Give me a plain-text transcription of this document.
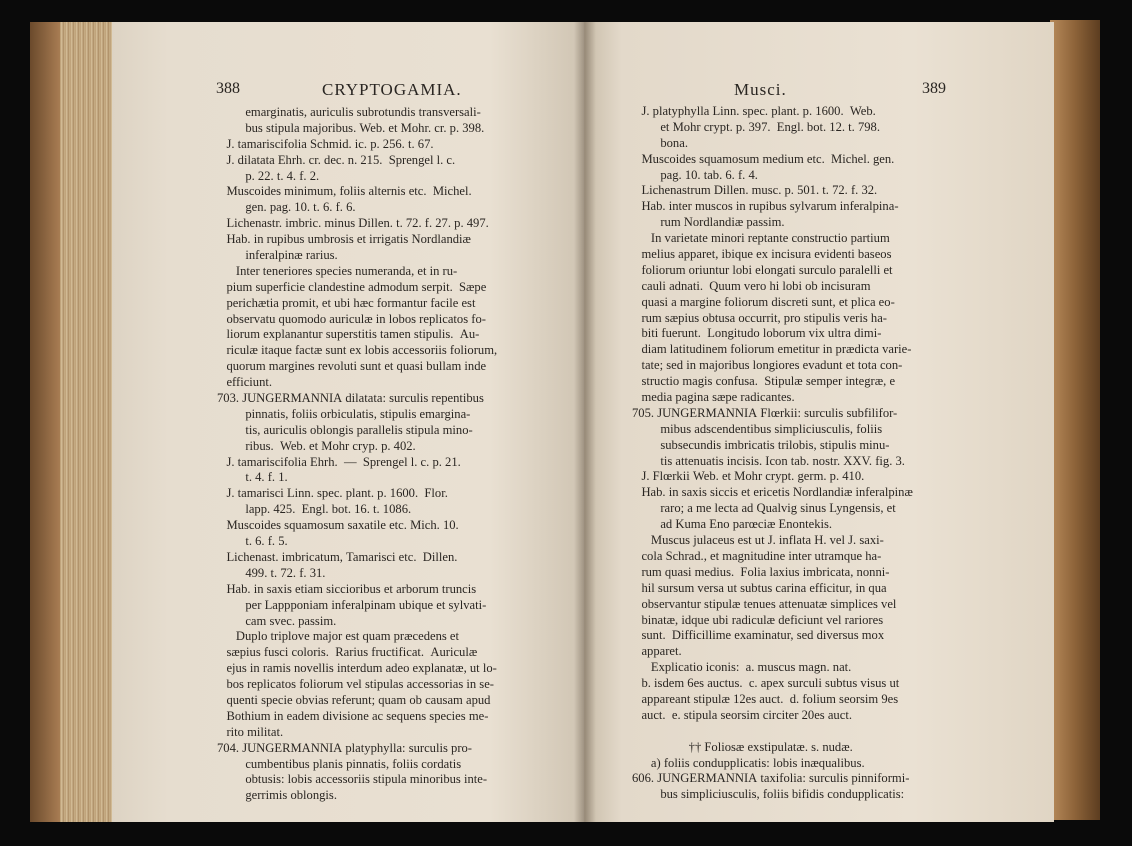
388	CRYPTOGAMIA.
emarginatis, auriculis subrotundis transversali-
bus stipula majoribus. Web. et Mohr. cr. p. 398.
J. tamariscifolia Schmid. ic. p. 256. t. 67.
J. dilatata Ehrh. cr. dec. n. 215.  Sprengel l. c.
p. 22. t. 4. f. 2.
Muscoides minimum, foliis alternis etc.  Michel.
gen. pag. 10. t. 6. f. 6.
Lichenastr. imbric. minus Dillen. t. 72. f. 27. p. 497.
Hab. in rupibus umbrosis et irrigatis Nordlandiæ
inferalpinæ rarius.
Inter teneriores species numeranda, et in ru-
pium superficie clandestine admodum serpit.  Sæpe
perichætia promit, et ubi hæc formantur facile est
observatu quomodo auriculæ in lobos replicatos fo-
liorum explanantur superstitis tamen stipulis.  Au-
riculæ itaque factæ sunt ex lobis accessoriis foliorum,
quorum margines revoluti sunt et quasi bullam inde
efficiunt.
703. JUNGERMANNIA dilatata: surculis repentibus
pinnatis, foliis orbiculatis, stipulis emargina-
tis, auriculis oblongis parallelis stipula mino-
ribus.  Web. et Mohr cryp. p. 402.
J. tamariscifolia Ehrh.  —  Sprengel l. c. p. 21.
t. 4. f. 1.
J. tamarisci Linn. spec. plant. p. 1600.  Flor.
lapp. 425.  Engl. bot. 16. t. 1086.
Muscoides squamosum saxatile etc. Mich. 10.
t. 6. f. 5.
Lichenast. imbricatum, Tamarisci etc.  Dillen.
499. t. 72. f. 31.
Hab. in saxis etiam siccioribus et arborum truncis
per Lappponiam inferalpinam ubique et sylvati-
cam svec. passim.
Duplo triplove major est quam præcedens et
sæpius fusci coloris.  Rarius fructificat.  Auriculæ
ejus in ramis novellis interdum adeo explanatæ, ut lo-
bos replicatos foliorum vel stipulas accessorias in se-
quenti specie obvias referunt; quam ob causam apud
Bothium in eadem divisione ac sequens species me-
rito militat.
704. JUNGERMANNIA platyphylla: surculis pro-
cumbentibus planis pinnatis, foliis cordatis
obtusis: lobis accessoriis stipula minoribus inte-
gerrimis oblongis.
Musci.	389
J. platyphylla Linn. spec. plant. p. 1600.  Web.
et Mohr crypt. p. 397.  Engl. bot. 12. t. 798.
bona.
Muscoides squamosum medium etc.  Michel. gen.
pag. 10. tab. 6. f. 4.
Lichenastrum Dillen. musc. p. 501. t. 72. f. 32.
Hab. inter muscos in rupibus sylvarum inferalpina-
rum Nordlandiæ passim.
In varietate minori reptante constructio partium
melius apparet, ibique ex incisura evidenti baseos
foliorum oriuntur lobi elongati surculo paralelli et
cauli adnati.  Quum vero hi lobi ob incisuram
quasi a margine foliorum discreti sunt, et plica eo-
rum sæpius obtusa occurrit, pro stipulis veris ha-
biti fuerunt.  Longitudo loborum vix ultra dimi-
diam latitudinem foliorum emetitur in prædicta varie-
tate; sed in majoribus longiores evadunt et tota con-
structio magis confusa.  Stipulæ semper integræ, e
media pagina sæpe radicantes.
705. JUNGERMANNIA Flœrkii: surculis subfilifor-
mibus adscendentibus simpliciusculis, foliis
subsecundis imbricatis trilobis, stipulis minu-
tis attenuatis incisis. Icon tab. nostr. XXV. fig. 3.
J. Flœrkii Web. et Mohr crypt. germ. p. 410.
Hab. in saxis siccis et ericetis Nordlandiæ inferalpinæ
raro; a me lecta ad Qualvig sinus Lyngensis, et
ad Kuma Eno parœciæ Enontekis.
Muscus julaceus est ut J. inflata H. vel J. saxi-
cola Schrad., et magnitudine inter utramque ha-
rum quasi medius.  Folia laxius imbricata, nonni-
hil sursum versa ut subtus carina efficitur, in qua
observantur stipulæ tenues attenuatæ simplices vel
binatæ, idque ubi radiculæ deficiunt vel rariores
sunt.  Difficillime examinatur, sed diversus mox
apparet.
Explicatio iconis:  a. muscus magn. nat.
b. isdem 6es auctus.  c. apex surculi subtus visus ut
appareant stipulæ 12es auct.  d. folium seorsim 9es
auct.  e. stipula seorsim circiter 20es auct.
†† Foliosæ exstipulatæ. s. nudæ.
a) foliis condupplicatis: lobis inæqualibus.
606. JUNGERMANNIA taxifolia: surculis pinniformi-
bus simpliciusculis, foliis bifidis condupplicatis:
